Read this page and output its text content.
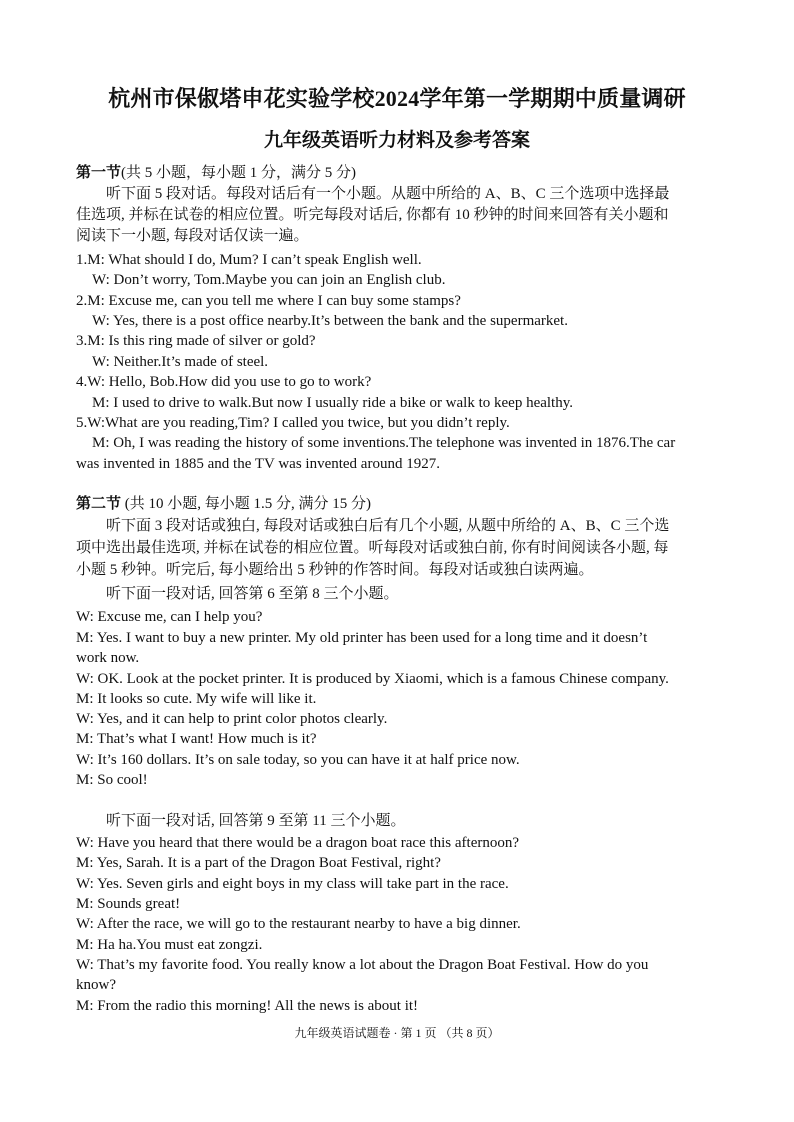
杭州市保俶塔申花实验学校2024学年第一学期期中质量调研
九年级英语听力材料及参考答案
第一节(共 5 小题，每小题 1 分，满分 5 分)
听下面 5 段对话。每段对话后有一个小题。从题中所给的 A、B、C 三个选项中选择最
佳选项, 并标在试卷的相应位置。听完每段对话后, 你都有 10 秒钟的时间来回答有关小题和
阅读下一小题, 每段对话仅读一遍。
1.M: What should I do, Mum? I can’t speak English well.
W: Don’t worry, Tom.Maybe you can join an English club.
2.M: Excuse me, can you tell me where I can buy some stamps?
W: Yes, there is a post office nearby.It’s between the bank and the supermarket.
3.M: Is this ring made of silver or gold?
W: Neither.It’s made of steel.
4.W: Hello, Bob.How did you use to go to work?
M: I used to drive to walk.But now I usually ride a bike or walk to keep healthy.
5.W:What are you reading,Tim? I called you twice, but you didn’t reply.
M: Oh, I was reading the history of some inventions.The telephone was invented in 1876.The car
was invented in 1885 and the TV was invented around 1927.
第二节 (共 10 小题, 每小题 1.5 分, 满分 15 分)
听下面 3 段对话或独白, 每段对话或独白后有几个小题, 从题中所给的 A、B、C 三个选
项中选出最佳选项, 并标在试卷的相应位置。听每段对话或独白前, 你有时间阅读各小题, 每
小题 5 秒钟。听完后, 每小题给出 5 秒钟的作答时间。每段对话或独白读两遍。
听下面一段对话, 回答第 6 至第 8 三个小题。
W: Excuse me, can I help you?
M: Yes. I want to buy a new printer. My old printer has been used for a long time and it doesn’t
work now.
W: OK. Look at the pocket printer. It is produced by Xiaomi, which is a famous Chinese company.
M: It looks so cute. My wife will like it.
W: Yes, and it can help to print color photos clearly.
M: That’s what I want! How much is it?
W: It’s 160 dollars. It’s on sale today, so you can have it at half price now.
M: So cool!
听下面一段对话, 回答第 9 至第 11 三个小题。
W: Have you heard that there would be a dragon boat race this afternoon?
M: Yes, Sarah. It is a part of the Dragon Boat Festival, right?
W: Yes. Seven girls and eight boys in my class will take part in the race.
M: Sounds great!
W: After the race, we will go to the restaurant nearby to have a big dinner.
M: Ha ha.You must eat zongzi.
W: That’s my favorite food. You really know a lot about the Dragon Boat Festival. How do you
know?
M: From the radio this morning! All the news is about it!
九年级英语试题卷 · 第 1 页 （共 8 页）
